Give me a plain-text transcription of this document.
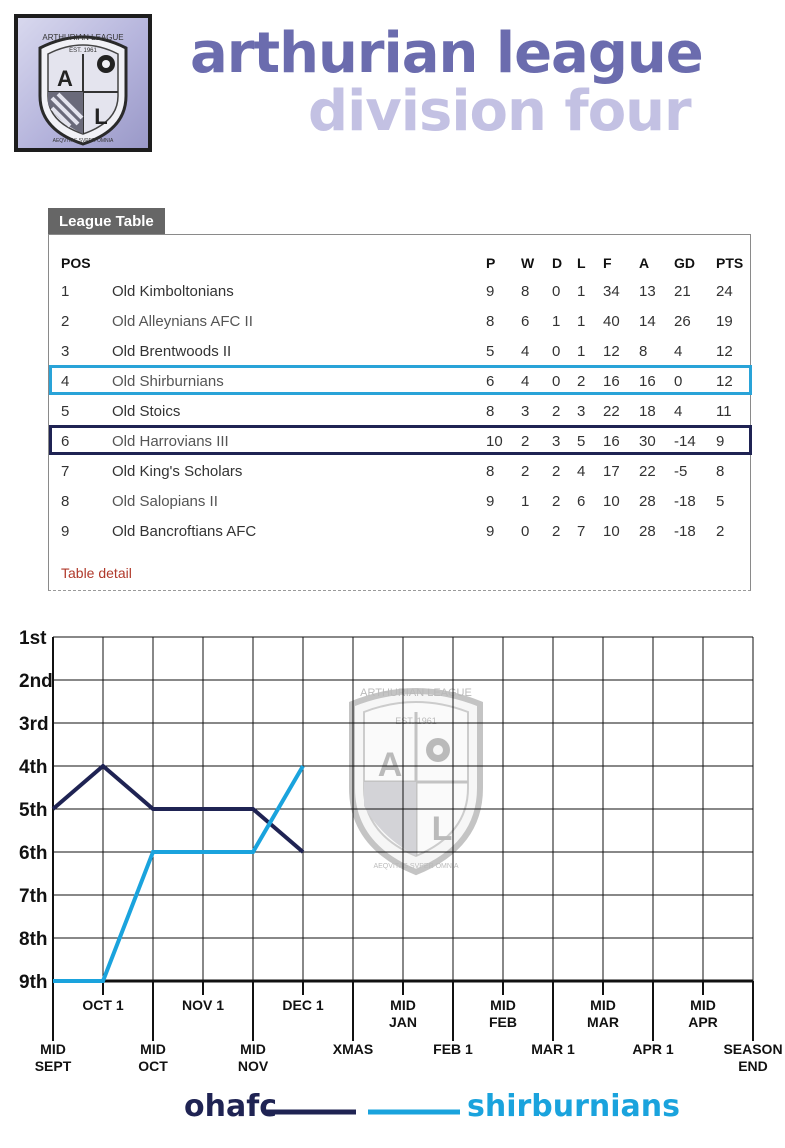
A
L
ARTHURIAN LEAGUE
EST. 1961
AEQVITAS SVPER OMNIA
arthurian league
division four
League Table
POS	P W D L F A GD PTS
1	Old Kimboltonians	9 8 0 1 34 13 21 24
2	Old Alleynians AFC II	8 6 1 1 40 14 26 19
3	Old Brentwoods II	5 4 0 1 12 8 4 12
4	Old Shirburnians	6 4 0 2 16 16 0 12
5	Old Stoics	8 3 2 3 22 18 4 11
6	Old Harrovians III	10 2 3 5 16 30 -14 9
7	Old King's Scholars	8 2 2 4 17 22 -5 8
8	Old Salopians II	9 1 2 6 10 28 -18 5
9	Old Bancroftians AFC	9 0 2 7 10 28 -18 2
Table detail
A
L
ARTHURIAN LEAGUE
EST. 1961
AEQVITAS SVPER OMNIA
1st
2nd
3rd
4th
5th
6th
7th
8th
9th
OCT 1	NOV 1	DEC 1	MID
JAN
MID
FEB
MID
MAR
MID
APR
MID
SEPT
MID
OCT
MID
NOV
XMAS	FEB 1	MAR 1	APR 1	SEASON
END
ohafc	shirburnians
